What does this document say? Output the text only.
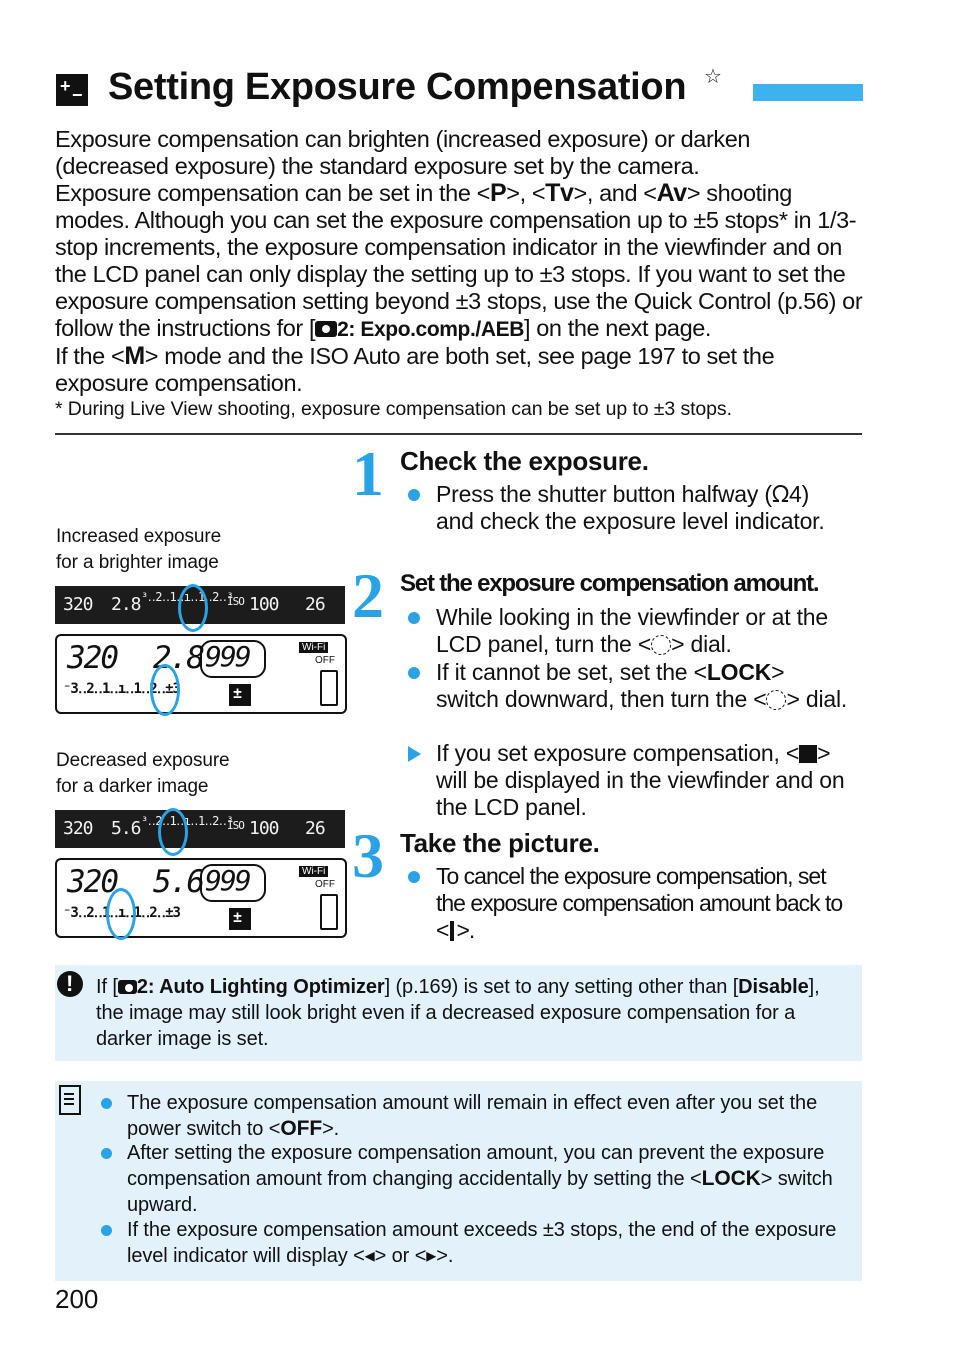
+ − Setting Exposure Compensation ☆

Exposure compensation can brighten (increased exposure) or darken (decreased exposure) the standard exposure set by the camera.

Exposure compensation can be set in the <P>, <Tv>, and <Av> shooting modes. Although you can set the exposure compensation up to ±5 stops* in 1/3-stop increments, the exposure compensation indicator in the viewfinder and on the LCD panel can only display the setting up to ±3 stops. If you want to set the exposure compensation setting beyond ±3 stops, use the Quick Control (p.56) or follow the instructions for [ 2: Expo.comp./AEB] on the next page.

If the <M> mode and the ISO Auto are both set, see page 197 to set the exposure compensation.

* During Live View shooting, exposure compensation can be set up to ±3 stops.
Increased exposure
for a brighter image
320 2.8 ³‥2‥1‥ı‥1‥2‥³
ISO 100 26
320 2.8 999
⁻3‥2‥1‥ı‥1‥2‥±3
Wi-Fi
OFF
±
Decreased exposure
for a darker image
320 5.6 ³‥2‥1‥ı‥1‥2‥³
ISO 100 26
320 5.6 999
⁻3‥2‥1‥ı‥1‥2‥±3
Wi-Fi
OFF
±
1 Check the exposure.
Press the shutter button halfway (ᘯ4) and check the exposure level indicator.
2 Set the exposure compensation amount.
While looking in the viewfinder or at the LCD panel, turn the < > dial.
If it cannot be set, set the <LOCK> switch downward, then turn the < > dial.
If you set exposure compensation, < > will be displayed in the viewfinder and on the LCD panel.
3 Take the picture.
To cancel the exposure compensation, set the exposure compensation amount back to < >.
!
If [ 2: Auto Lighting Optimizer] (p.169) is set to any setting other than [Disable], the image may still look bright even if a decreased exposure compensation for a darker image is set.
The exposure compensation amount will remain in effect even after you set the power switch to <OFF>.
After setting the exposure compensation amount, you can prevent the exposure compensation amount from changing accidentally by setting the <LOCK> switch upward.
If the exposure compensation amount exceeds ±3 stops, the end of the exposure level indicator will display <◂> or <▸>.
200
